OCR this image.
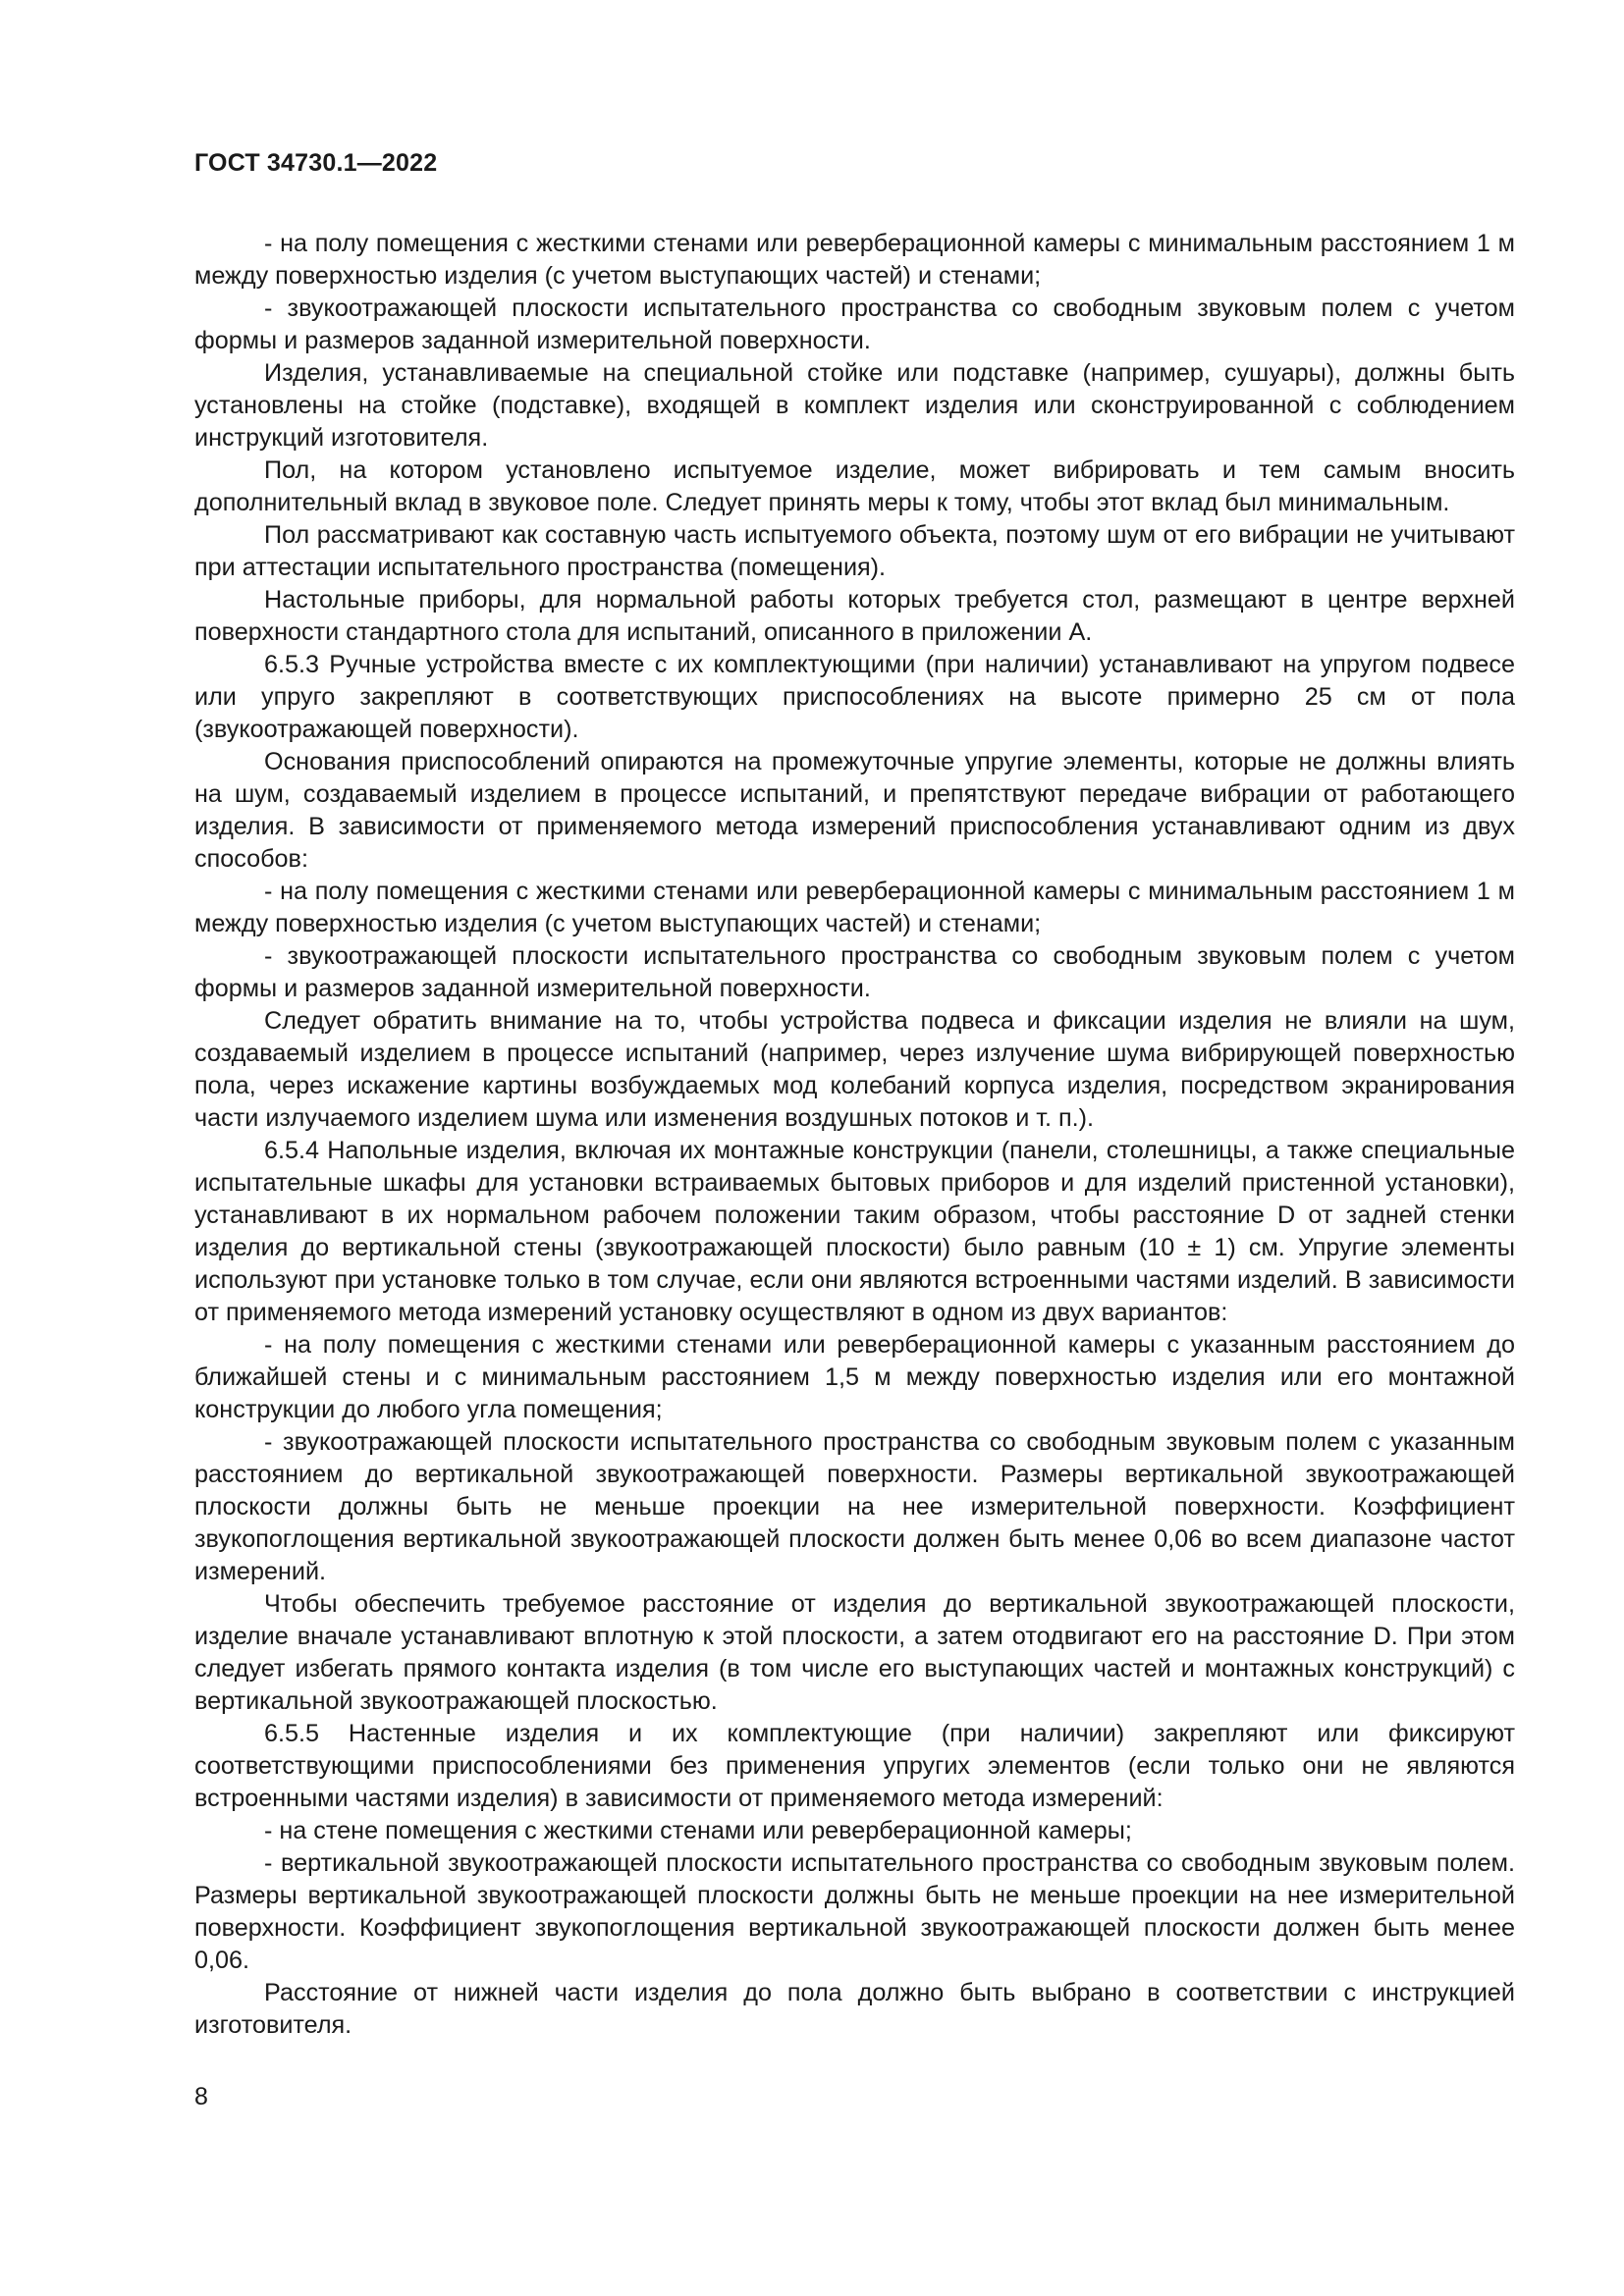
ГОСТ 34730.1—2022

- на полу помещения с жесткими стенами или реверберационной камеры с минимальным расстоянием 1 м между поверхностью изделия (с учетом выступающих частей) и стенами;

- звукоотражающей плоскости испытательного пространства со свободным звуковым полем с учетом формы и размеров заданной измерительной поверхности.

Изделия, устанавливаемые на специальной стойке или подставке (например, сушуары), должны быть установлены на стойке (подставке), входящей в комплект изделия или сконструированной с соблюдением инструкций изготовителя.

Пол, на котором установлено испытуемое изделие, может вибрировать и тем самым вносить дополнительный вклад в звуковое поле. Следует принять меры к тому, чтобы этот вклад был минимальным.

Пол рассматривают как составную часть испытуемого объекта, поэтому шум от его вибрации не учитывают при аттестации испытательного пространства (помещения).

Настольные приборы, для нормальной работы которых требуется стол, размещают в центре верхней поверхности стандартного стола для испытаний, описанного в приложении А.

6.5.3 Ручные устройства вместе с их комплектующими (при наличии) устанавливают на упругом подвесе или упруго закрепляют в соответствующих приспособлениях на высоте примерно 25 см от пола (звукоотражающей поверхности).

Основания приспособлений опираются на промежуточные упругие элементы, которые не должны влиять на шум, создаваемый изделием в процессе испытаний, и препятствуют передаче вибрации от работающего изделия. В зависимости от применяемого метода измерений приспособления устанавливают одним из двух способов:

- на полу помещения с жесткими стенами или реверберационной камеры с минимальным расстоянием 1 м между поверхностью изделия (с учетом выступающих частей) и стенами;

- звукоотражающей плоскости испытательного пространства со свободным звуковым полем с учетом формы и размеров заданной измерительной поверхности.

Следует обратить внимание на то, чтобы устройства подвеса и фиксации изделия не влияли на шум, создаваемый изделием в процессе испытаний (например, через излучение шума вибрирующей поверхностью пола, через искажение картины возбуждаемых мод колебаний корпуса изделия, посредством экранирования части излучаемого изделием шума или изменения воздушных потоков и т. п.).

6.5.4 Напольные изделия, включая их монтажные конструкции (панели, столешницы, а также специальные испытательные шкафы для установки встраиваемых бытовых приборов и для изделий пристенной установки), устанавливают в их нормальном рабочем положении таким образом, чтобы расстояние D от задней стенки изделия до вертикальной стены (звукоотражающей плоскости) было равным (10 ± 1) см. Упругие элементы используют при установке только в том случае, если они являются встроенными частями изделий. В зависимости от применяемого метода измерений установку осуществляют в одном из двух вариантов:

- на полу помещения с жесткими стенами или реверберационной камеры с указанным расстоянием до ближайшей стены и с минимальным расстоянием 1,5 м между поверхностью изделия или его монтажной конструкции до любого угла помещения;

- звукоотражающей плоскости испытательного пространства со свободным звуковым полем с указанным расстоянием до вертикальной звукоотражающей поверхности. Размеры вертикальной звукоотражающей плоскости должны быть не меньше проекции на нее измерительной поверхности. Коэффициент звукопоглощения вертикальной звукоотражающей плоскости должен быть менее 0,06 во всем диапазоне частот измерений.

Чтобы обеспечить требуемое расстояние от изделия до вертикальной звукоотражающей плоскости, изделие вначале устанавливают вплотную к этой плоскости, а затем отодвигают его на расстояние D. При этом следует избегать прямого контакта изделия (в том числе его выступающих частей и монтажных конструкций) с вертикальной звукоотражающей плоскостью.

6.5.5 Настенные изделия и их комплектующие (при наличии) закрепляют или фиксируют соответствующими приспособлениями без применения упругих элементов (если только они не являются встроенными частями изделия) в зависимости от применяемого метода измерений:

- на стене помещения с жесткими стенами или реверберационной камеры;

- вертикальной звукоотражающей плоскости испытательного пространства со свободным звуковым полем. Размеры вертикальной звукоотражающей плоскости должны быть не меньше проекции на нее измерительной поверхности. Коэффициент звукопоглощения вертикальной звукоотражающей плоскости должен быть менее 0,06.

Расстояние от нижней части изделия до пола должно быть выбрано в соответствии с инструкцией изготовителя.

8
